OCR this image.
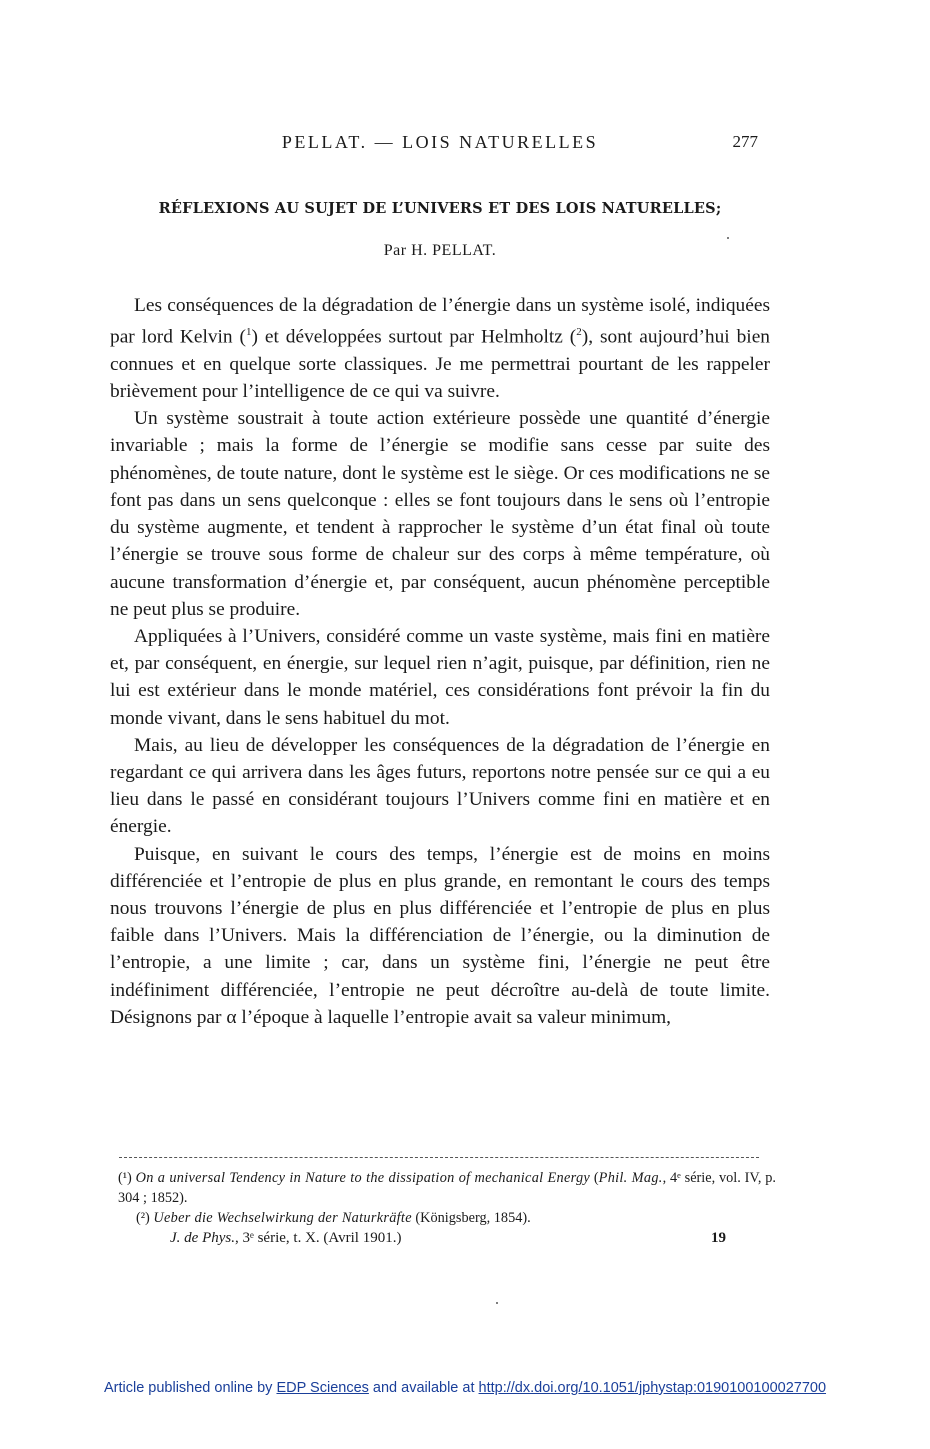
PELLAT. — LOIS NATURELLES	277
RÉFLEXIONS AU SUJET DE L’UNIVERS ET DES LOIS NATURELLES;
Par H. PELLAT.

Les conséquences de la dégradation de l’énergie dans un système isolé, indiquées par lord Kelvin ($^1$) et développées surtout par Helmholtz ($^2$), sont aujourd’hui bien connues et en quelque sorte classiques. Je me permettrai pourtant de les rappeler brièvement pour l’intelligence de ce qui va suivre.

Un système soustrait à toute action extérieure possède une quantité d’énergie invariable ; mais la forme de l’énergie se modifie sans cesse par suite des phénomènes, de toute nature, dont le système est le siège. Or ces modifications ne se font pas dans un sens quelconque : elles se font toujours dans le sens où l’entropie du système augmente, et tendent à rapprocher le système d’un état final où toute l’énergie se trouve sous forme de chaleur sur des corps à même température, où aucune transformation d’énergie et, par conséquent, aucun phénomène perceptible ne peut plus se produire.

Appliquées à l’Univers, considéré comme un vaste système, mais fini en matière et, par conséquent, en énergie, sur lequel rien n’agit, puisque, par définition, rien ne lui est extérieur dans le monde matériel, ces considérations font prévoir la fin du monde vivant, dans le sens habituel du mot.

Mais, au lieu de développer les conséquences de la dégradation de l’énergie en regardant ce qui arrivera dans les âges futurs, reportons notre pensée sur ce qui a eu lieu dans le passé en considérant toujours l’Univers comme fini en matière et en énergie.

Puisque, en suivant le cours des temps, l’énergie est de moins en moins différenciée et l’entropie de plus en plus grande, en remontant le cours des temps nous trouvons l’énergie de plus en plus différenciée et l’entropie de plus en plus faible dans l’Univers. Mais la différenciation de l’énergie, ou la diminution de l’entropie, a une limite ; car, dans un système fini, l’énergie ne peut être indéfiniment différenciée, l’entropie ne peut décroître au-delà de toute limite. Désignons par α l’époque à laquelle l’entropie avait sa valeur minimum,

(¹) On a universal Tendency in Nature to the dissipation of mechanical Energy (Phil. Mag., 4ᵉ série, vol. IV, p. 304 ; 1852).

(²) Ueber die Wechselwirkung der Naturkräfte (Königsberg, 1854).

J. de Phys., 3ᵉ série, t. X. (Avril 1901.)	19
Article published online by EDP Sciences and available at http://dx.doi.org/10.1051/jphystap:0190100100027700
